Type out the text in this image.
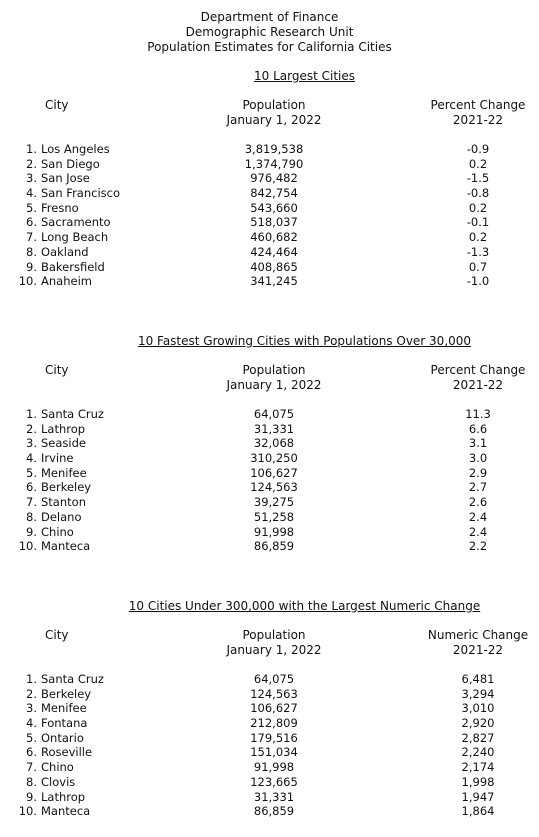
Department of Finance
Demographic Research Unit
Population Estimates for California Cities
10 Largest Cities
City	Population
January 1, 2022
Percent Change
2021-22
1. Los Angeles	3,819,538	-0.9
2. San Diego	1,374,790	0.2
3. San Jose	976,482	-1.5
4. San Francisco	842,754	-0.8
5. Fresno	543,660	0.2
6. Sacramento	518,037	-0.1
7. Long Beach	460,682	0.2
8. Oakland	424,464	-1.3
9. Bakersfield	408,865	0.7
10. Anaheim	341,245	-1.0
10 Fastest Growing Cities with Populations Over 30,000
City	Population
January 1, 2022
Percent Change
2021-22
1. Santa Cruz	64,075	11.3
2. Lathrop	31,331	6.6
3. Seaside	32,068	3.1
4. Irvine	310,250	3.0
5. Menifee	106,627	2.9
6. Berkeley	124,563	2.7
7. Stanton	39,275	2.6
8. Delano	51,258	2.4
9. Chino	91,998	2.4
10. Manteca	86,859	2.2
10 Cities Under 300,000 with the Largest Numeric Change
City	Population
January 1, 2022
Numeric Change
2021-22
1. Santa Cruz	64,075	6,481
2. Berkeley	124,563	3,294
3. Menifee	106,627	3,010
4. Fontana	212,809	2,920
5. Ontario	179,516	2,827
6. Roseville	151,034	2,240
7. Chino	91,998	2,174
8. Clovis	123,665	1,998
9. Lathrop	31,331	1,947
10. Manteca	86,859	1,864
